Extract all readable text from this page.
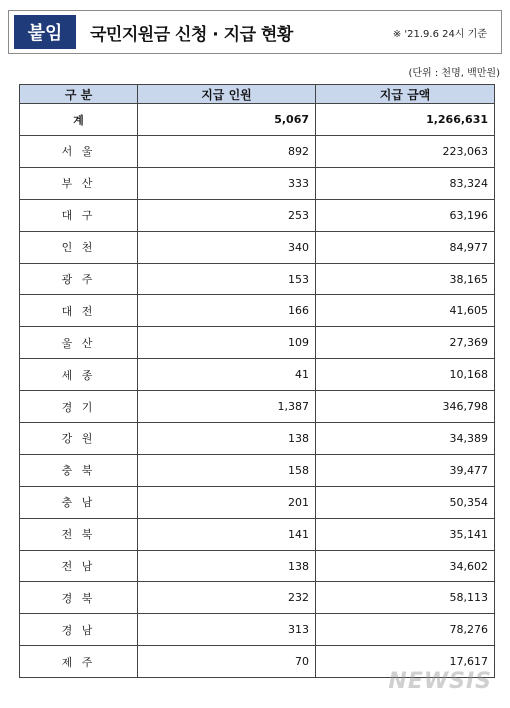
붙임	국민지원금 신청 · 지급 현황	※ '21.9.6 24시 기준
(단위 : 천명, 백만원)
구 분	지급 인원	지급 금액
계	5,067	1,266,631
서 울	892	223,063
부 산	333	83,324
대 구	253	63,196
인 천	340	84,977
광 주	153	38,165
대 전	166	41,605
울 산	109	27,369
세 종	41	10,168
경 기	1,387	346,798
강 원	138	34,389
충 북	158	39,477
충 남	201	50,354
전 북	141	35,141
전 남	138	34,602
경 북	232	58,113
경 남	313	78,276
제 주	70	17,617
NEWSIS
